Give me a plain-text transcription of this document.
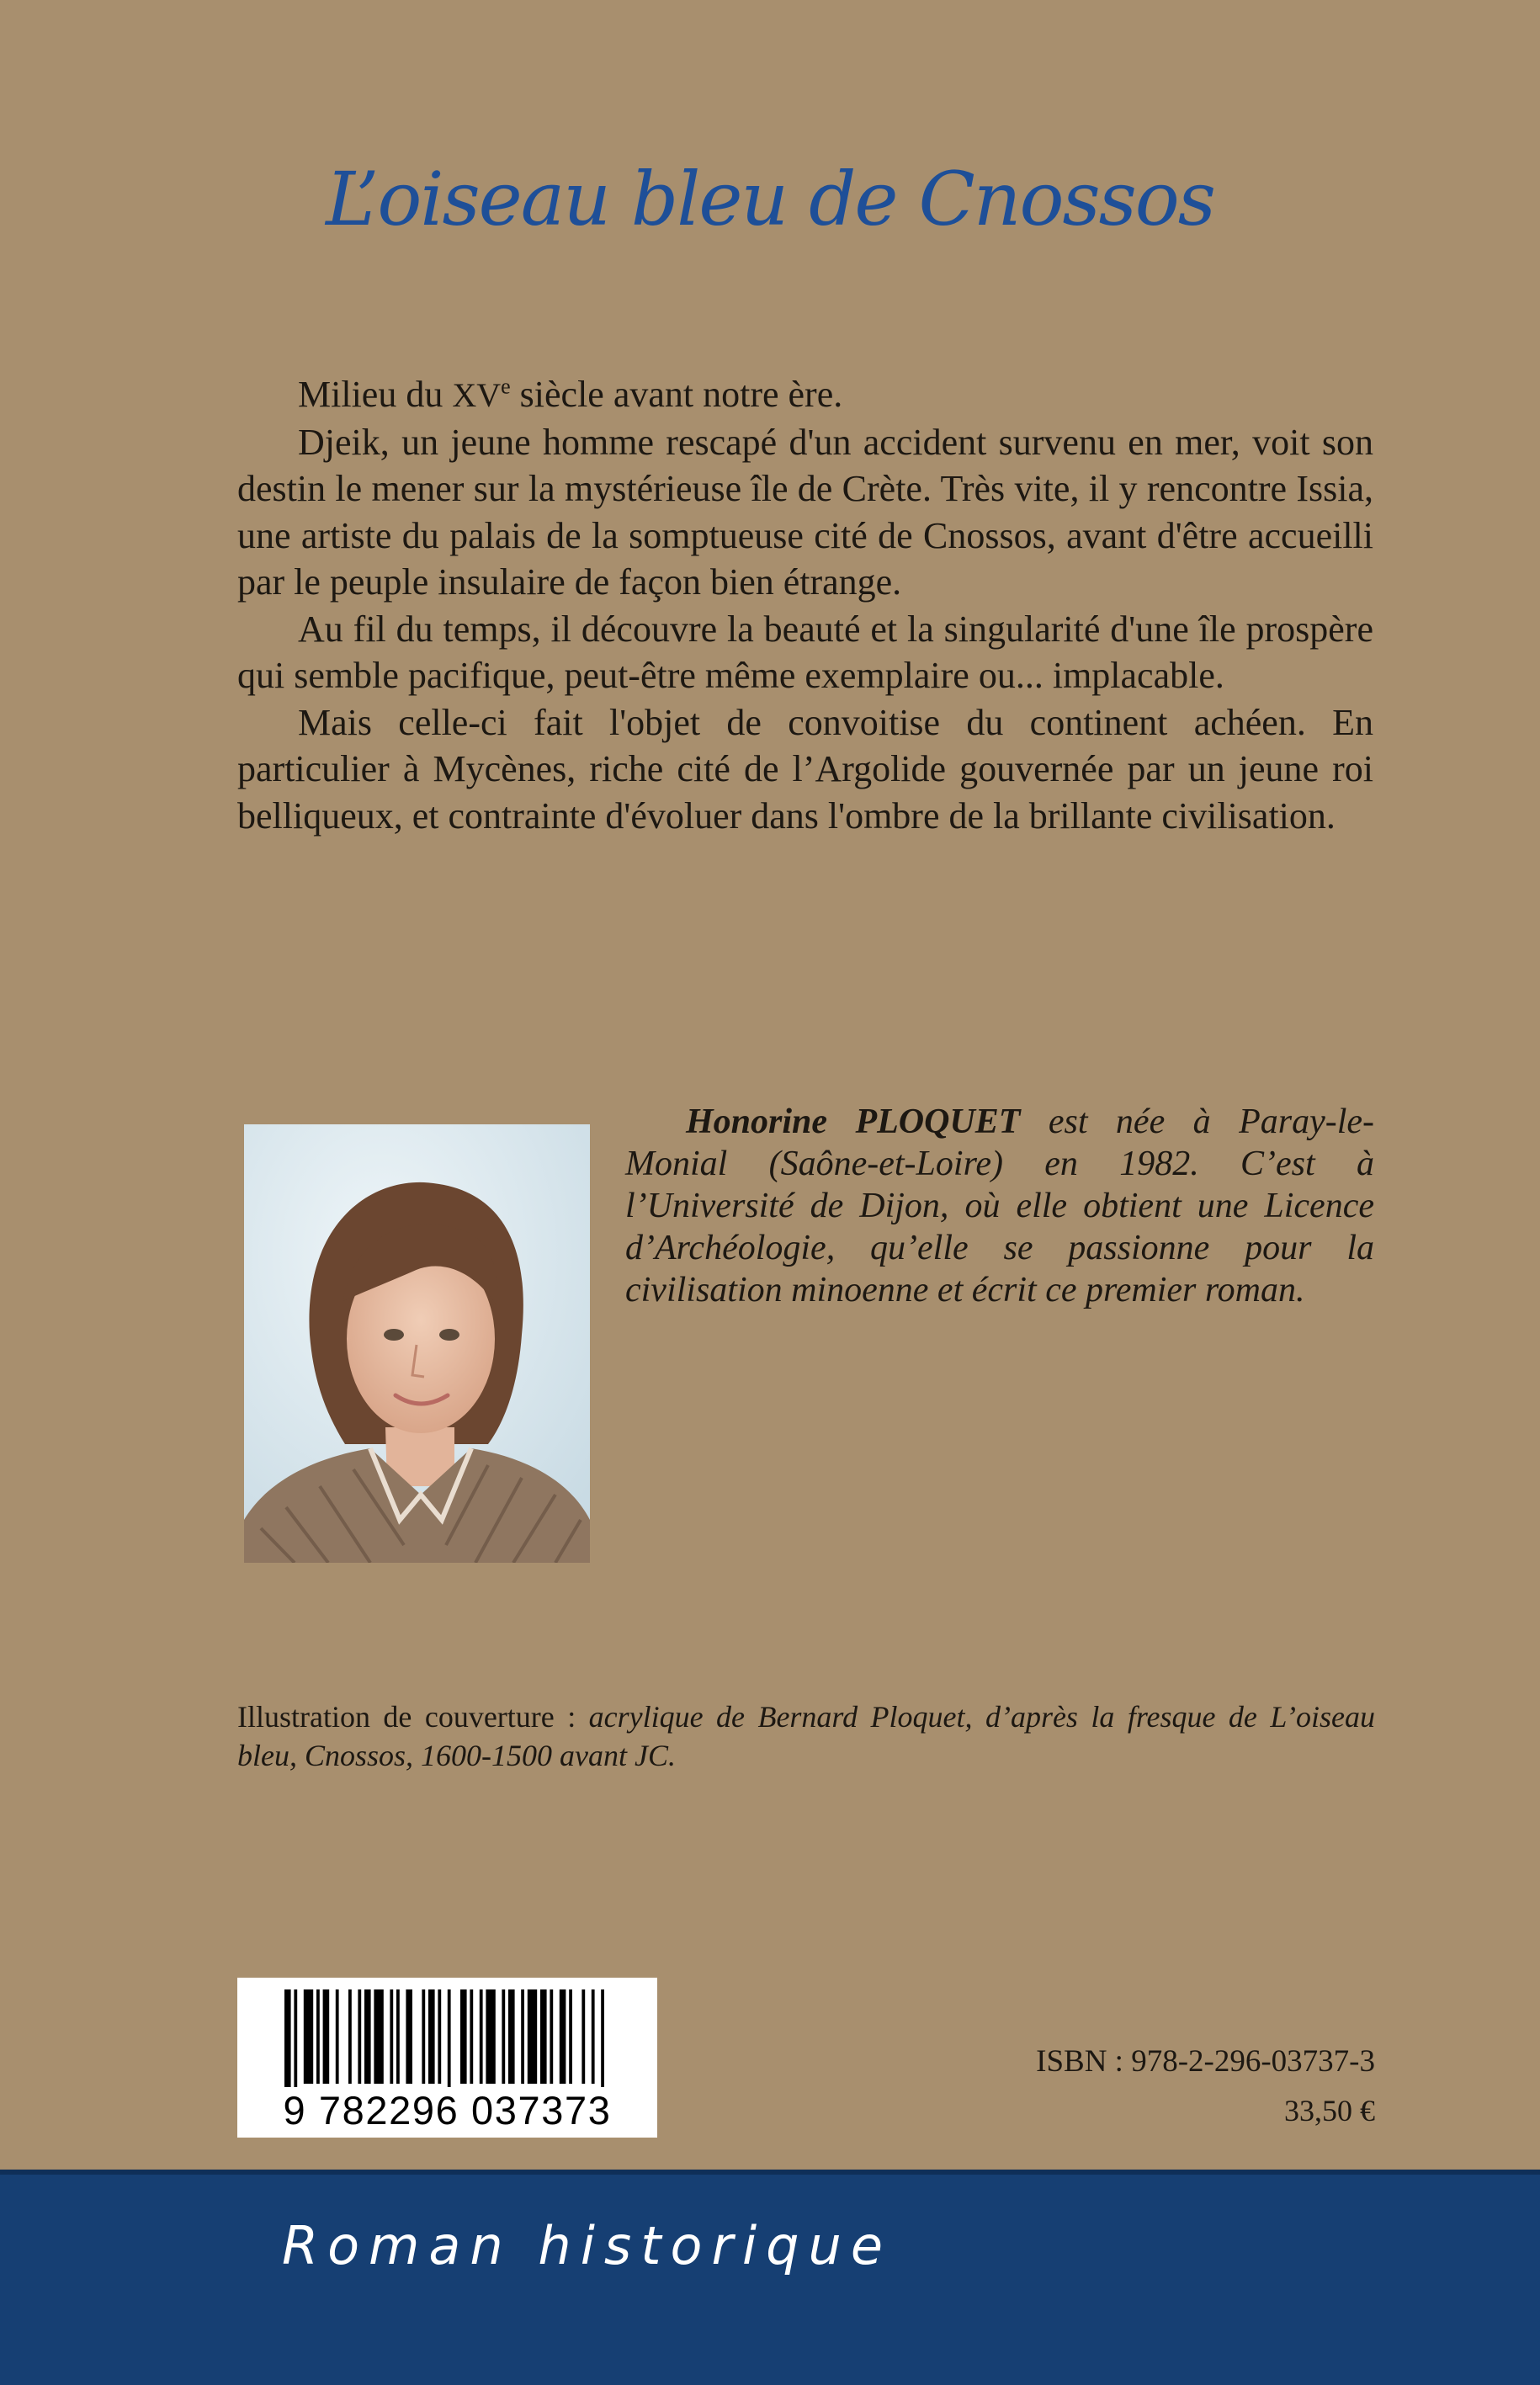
L’oiseau bleu de Cnossos

Milieu du XVe siècle avant notre ère.

Djeik, un jeune homme rescapé d'un accident survenu en mer, voit son destin le mener sur la mystérieuse île de Crète. Très vite, il y rencontre Issia, une artiste du palais de la somptueuse cité de Cnossos, avant d'être accueilli par le peuple insulaire de façon bien étrange.

Au fil du temps, il découvre la beauté et la singularité d'une île prospère qui semble pacifique, peut-être même exemplaire ou... implacable.

Mais celle-ci fait l'objet de convoitise du continent achéen. En particulier à Mycènes, riche cité de l’Argolide gouvernée par un jeune roi belliqueux, et contrainte d'évoluer dans l'ombre de la brillante civilisation.

Honorine PLOQUET est née à Paray-le-Monial (Saône-et-Loire) en 1982. C’est à l’Université de Dijon, où elle obtient une Licence d’Archéologie, qu’elle se passionne pour la civilisation minoenne et écrit ce premier roman.

Illustration de couverture : acrylique de Bernard Ploquet, d’après la fresque de L’oiseau bleu, Cnossos, 1600-1500 avant JC.

9 782296 037373

ISBN : 978-2-296-03737-3

33,50 €

Roman historique
